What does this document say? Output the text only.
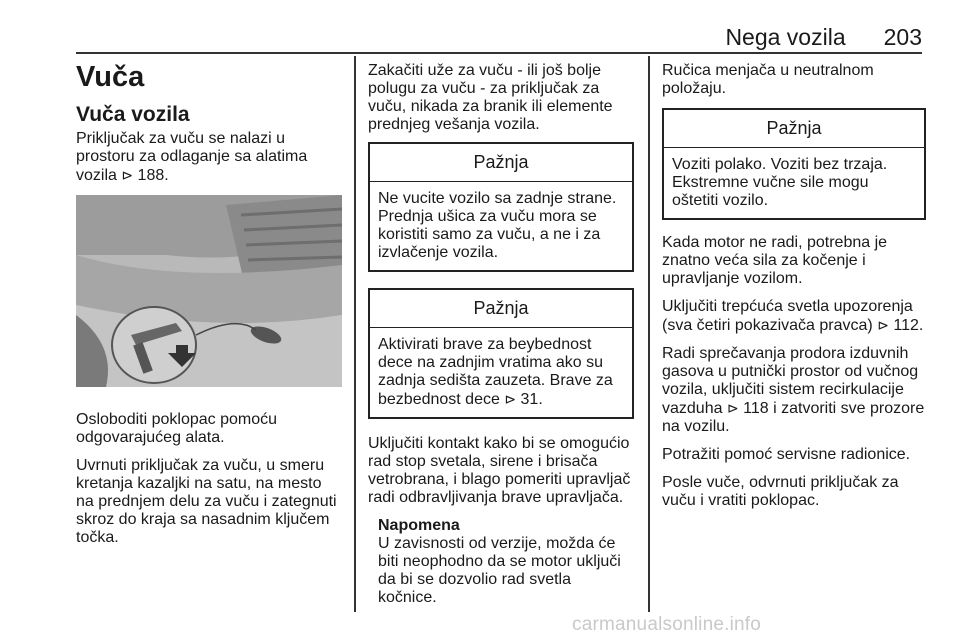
Nega vozila 203
Vuča
Vuča vozila

Priključak za vuču se nalazi u prostoru za odlaganje sa alatima vozila ⊳ 188.

Osloboditi poklopac pomoću odgovarajućeg alata.

Uvrnuti priključak za vuču, u smeru kretanja kazaljki na satu, na mesto na prednjem delu za vuču i zategnuti skroz do kraja sa nasadnim ključem točka.

Zakačiti uže za vuču - ili još bolje polugu za vuču - za priključak za vuču, nikada za branik ili elemente prednjeg vešanja vozila.

Pažnja
Ne vucite vozilo sa zadnje strane. Prednja ušica za vuču mora se koristiti samo za vuču, a ne i za izvlačenje vozila.
Pažnja
Aktivirati brave za beybednost dece na zadnjim vratima ako su zadnja sedišta zauzeta. Brave za bezbednost dece ⊳ 31.

Uključiti kontakt kako bi se omogućio rad stop svetala, sirene i brisača vetrobrana, i blago pomeriti upravljač radi odbravljivanja brave upravljača.

Napomena
U zavisnosti od verzije, možda će biti neophodno da se motor uključi da bi se dozvolio rad svetla kočnice.

Ručica menjača u neutralnom položaju.

Pažnja
Voziti polako. Voziti bez trzaja. Ekstremne vučne sile mogu oštetiti vozilo.

Kada motor ne radi, potrebna je znatno veća sila za kočenje i upravljanje vozilom.

Uključiti trepćuća svetla upozorenja (sva četiri pokazivača pravca) ⊳ 112.

Radi sprečavanja prodora izduvnih gasova u putnički prostor od vučnog vozila, uključiti sistem recirkulacije vazduha ⊳ 118 i zatvoriti sve prozore na vozilu.

Potražiti pomoć servisne radionice.

Posle vuče, odvrnuti priključak za vuču i vratiti poklopac.

carmanualsonline.info
